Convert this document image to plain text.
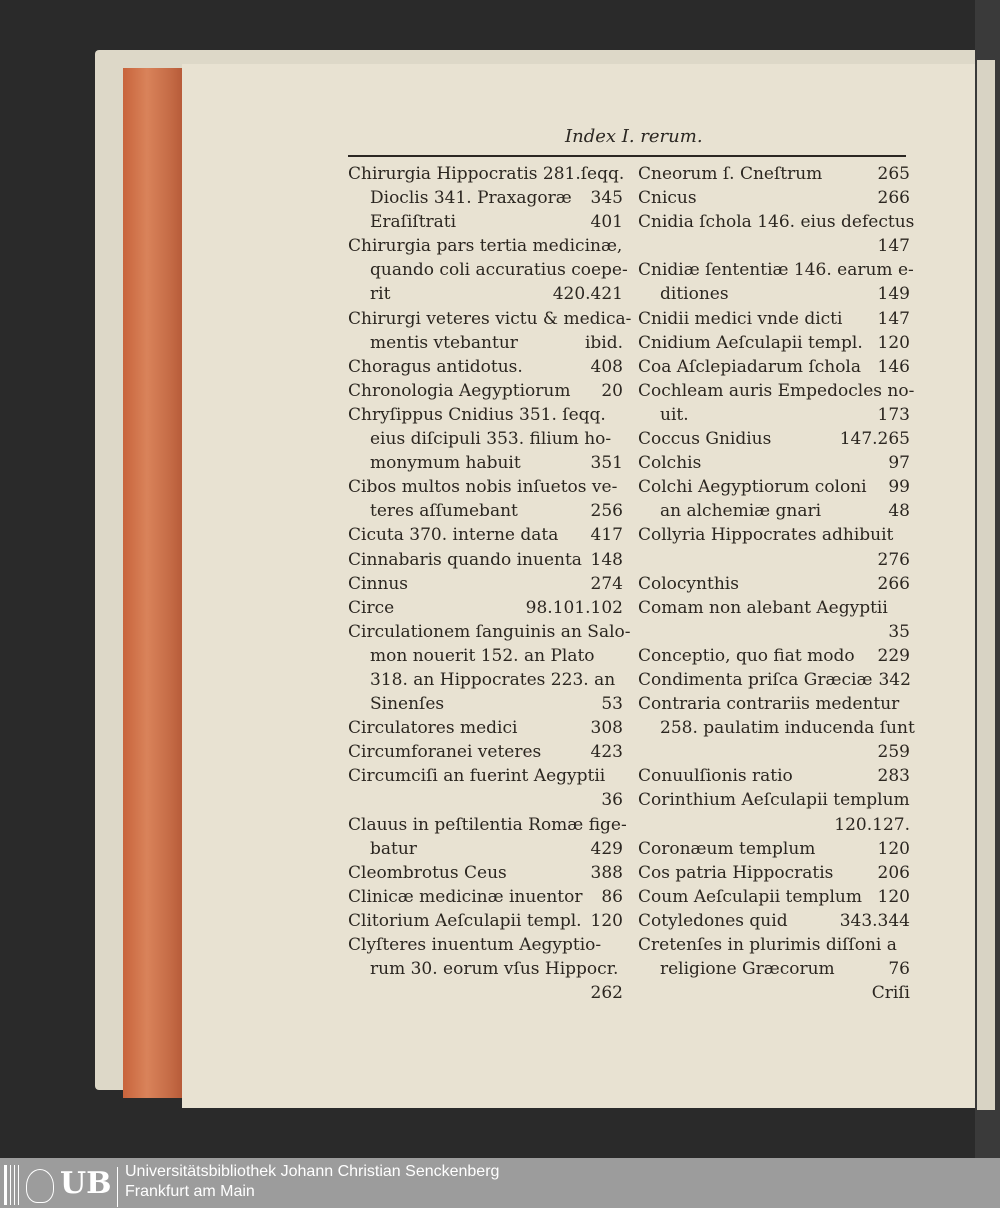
Index I. rerum.
Chirurgia Hippocratis 281.ſeqq.
Dioclis 341. Praxagoræ	345
Eraſiſtrati	401
Chirurgia pars tertia medicinæ,
quando coli accuratius coepe-
rit	420.421
Chirurgi veteres victu & medica-
mentis vtebantur	ibid.
Choragus antidotus.	408
Chronologia Aegyptiorum	20
Chryſippus Cnidius 351. ſeqq.
eius diſcipuli 353. filium ho-
monymum habuit	351
Cibos multos nobis inſuetos ve-
teres aſſumebant	256
Cicuta 370. interne data	417
Cinnabaris quando inuenta 148
Cinnus	274
Circe	98.101.102
Circulationem ſanguinis an Salo-
mon nouerit 152. an Plato
318. an Hippocrates 223. an
Sinenſes	53
Circulatores medici	308
Circumforanei veteres	423
Circumciſi an fuerint Aegyptii
36
Clauus in peſtilentia Romæ fige-
batur	429
Cleombrotus Ceus	388
Clinicæ medicinæ inuentor	86
Clitorium Aeſculapii templ. 120
Clyſteres inuentum Aegyptio-
rum 30. eorum vſus Hippocr.
262
Cneorum ſ. Cneſtrum	265
Cnicus	266
Cnidia ſchola 146. eius defectus
147
Cnidiæ ſententiæ 146. earum e-
ditiones	149
Cnidii medici vnde dicti	147
Cnidium Aeſculapii templ. 120
Coa Aſclepiadarum ſchola 146
Cochleam auris Empedocles no-
uit.	173
Coccus Gnidius	147.265
Colchis	97
Colchi Aegyptiorum coloni	99
an alchemiæ gnari	48
Collyria Hippocrates adhibuit
276
Colocynthis	266
Comam non alebant Aegyptii
35
Conceptio, quo fiat modo	229
Condimenta priſca Græciæ 342
Contraria contrariis medentur
258. paulatim inducenda ſunt
259
Conuulſionis ratio	283
Corinthium Aeſculapii templum
120.127.
Coronæum templum	120
Cos patria Hippocratis	206
Coum Aeſculapii templum 120
Cotyledones quid	343.344
Cretenſes in plurimis diſſoni a
religione Græcorum	76
Criſi
UB Universitätsbibliothek Johann Christian Senckenberg
Frankfurt am Main
